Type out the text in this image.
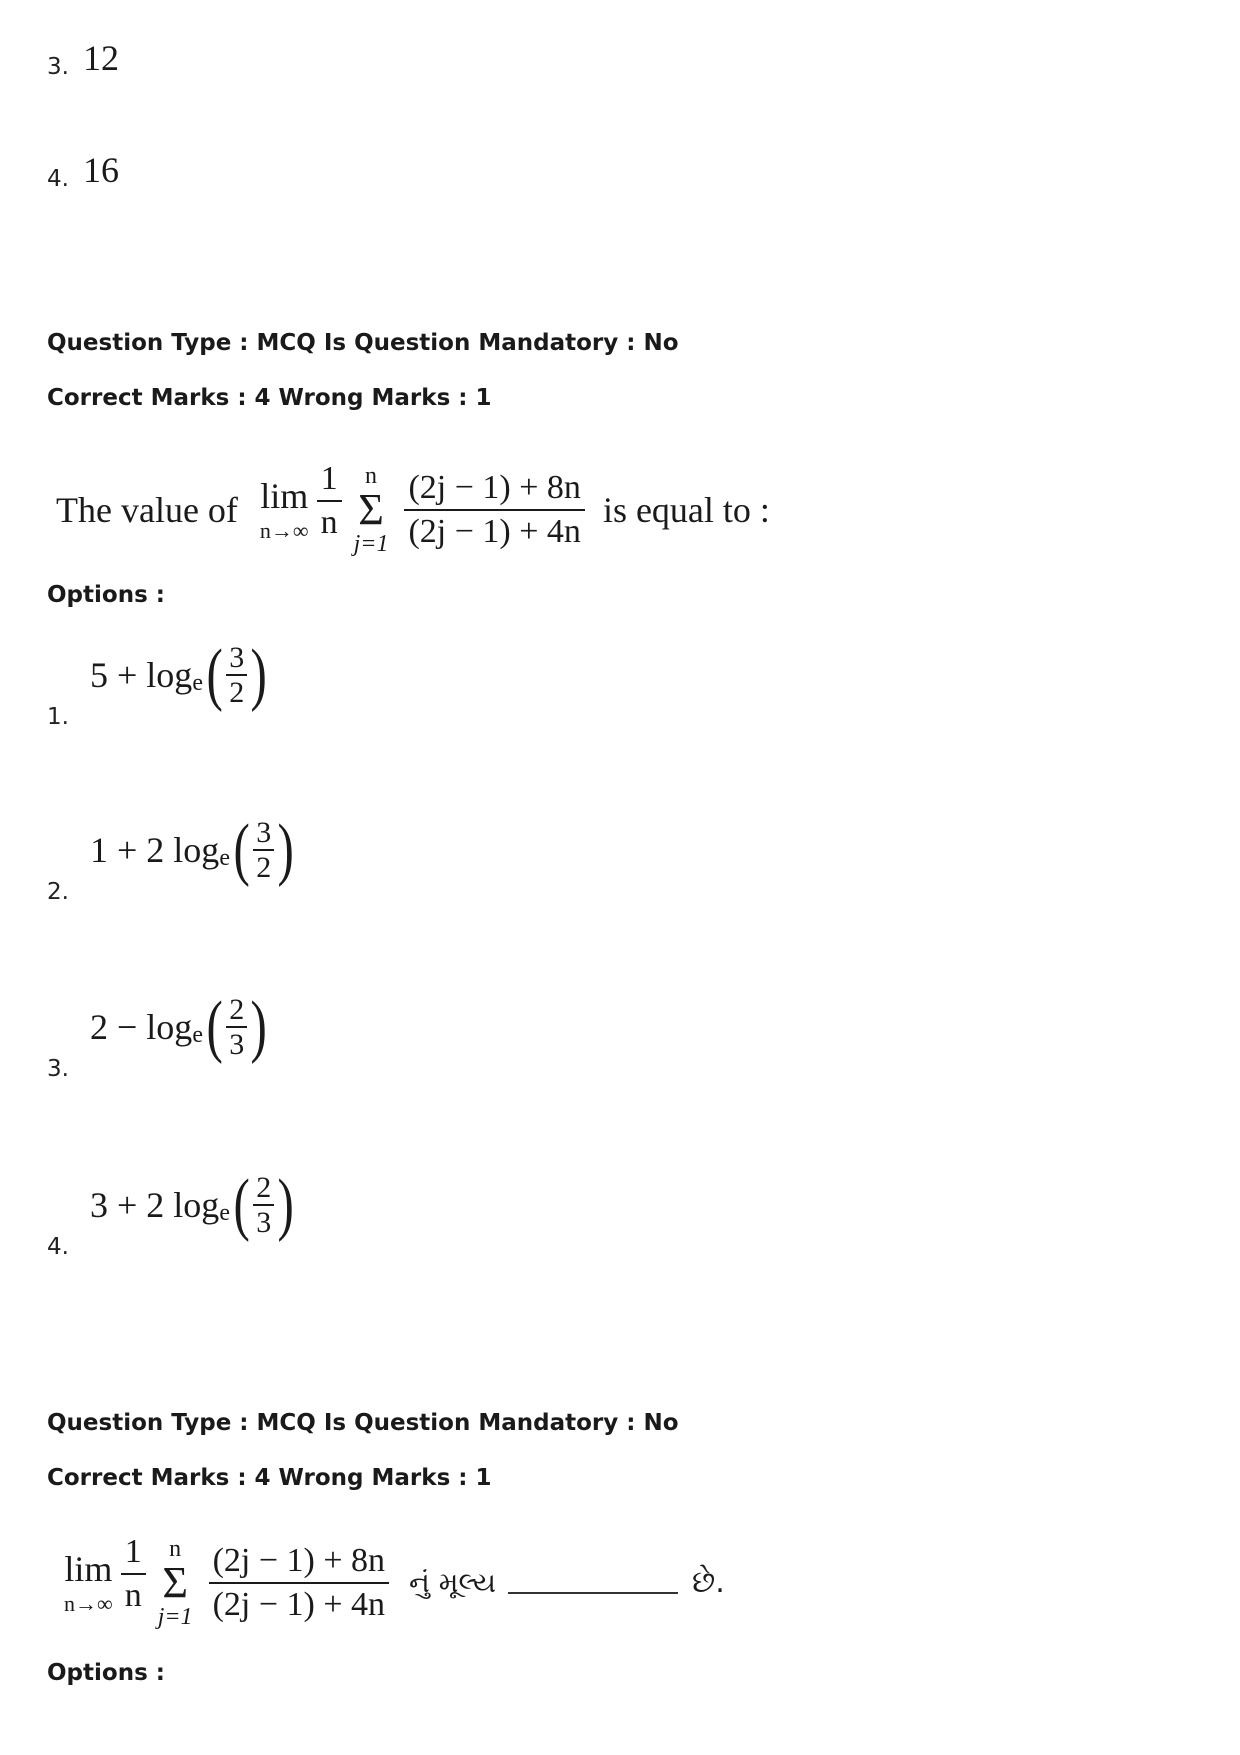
3. 12
4. 16
Question Type : MCQ Is Question Mandatory : No
Correct Marks : 4 Wrong Marks : 1
The value of lim
$n\to\infty \frac{1}{n}$ n
Σ
$j=1 \frac{(2j - 1) + 8n}{(2j - 1) + 4n}$ is equal to :
Options :
5 + log e ( $\frac{3}{2}$ )
1.
1 + 2 log e ( $\frac{3}{2}$ )
2.
2 − log e ( $\frac{2}{3}$ )
3.
3 + 2 log e ( $\frac{2}{3}$ )
4.
Question Type : MCQ Is Question Mandatory : No
Correct Marks : 4 Wrong Marks : 1
lim
$n\to\infty \frac{1}{n}$ n
Σ
$j=1 \frac{(2j - 1) + 8n}{(2j - 1) + 4n}$ નું મૂલ્ય	છે.
Options :
